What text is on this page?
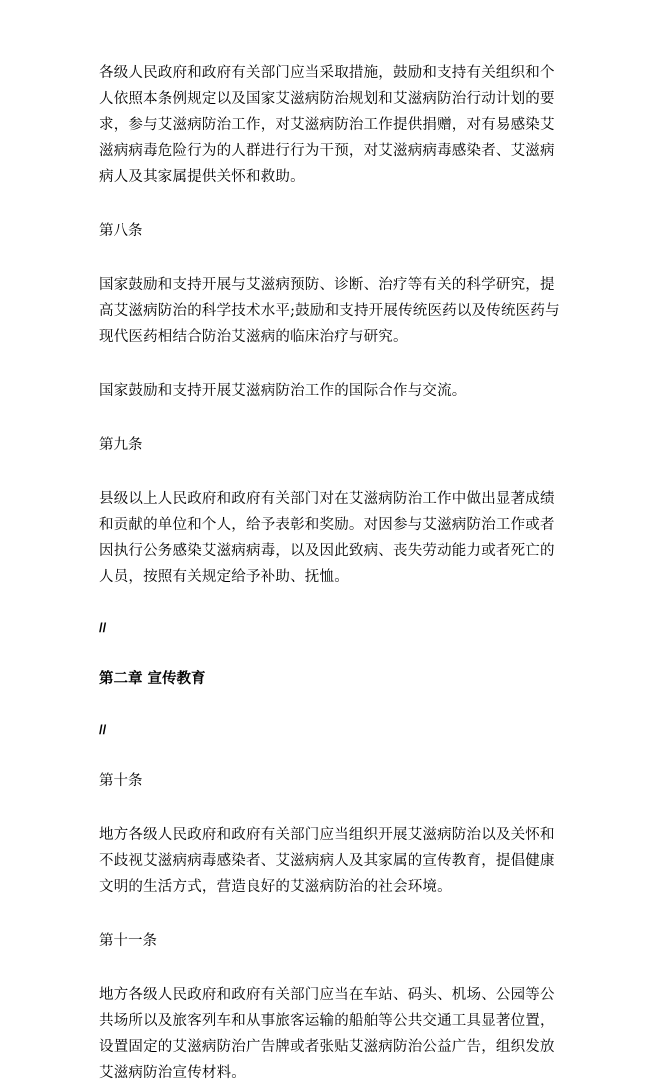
各级人民政府和政府有关部门应当采取措施，鼓励和支持有关组织和个人依照本条例规定以及国家艾滋病防治规划和艾滋病防治行动计划的要求，参与艾滋病防治工作，对艾滋病防治工作提供捐赠，对有易感染艾滋病病毒危险行为的人群进行行为干预，对艾滋病病毒感染者、艾滋病病人及其家属提供关怀和救助。

第八条

国家鼓励和支持开展与艾滋病预防、诊断、治疗等有关的科学研究，提高艾滋病防治的科学技术水平;鼓励和支持开展传统医药以及传统医药与现代医药相结合防治艾滋病的临床治疗与研究。

国家鼓励和支持开展艾滋病防治工作的国际合作与交流。

第九条

县级以上人民政府和政府有关部门对在艾滋病防治工作中做出显著成绩和贡献的单位和个人，给予表彰和奖励。对因参与艾滋病防治工作或者因执行公务感染艾滋病病毒，以及因此致病、丧失劳动能力或者死亡的人员，按照有关规定给予补助、抚恤。

//

第二章 宣传教育

//

第十条

地方各级人民政府和政府有关部门应当组织开展艾滋病防治以及关怀和不歧视艾滋病病毒感染者、艾滋病病人及其家属的宣传教育，提倡健康文明的生活方式，营造良好的艾滋病防治的社会环境。

第十一条

地方各级人民政府和政府有关部门应当在车站、码头、机场、公园等公共场所以及旅客列车和从事旅客运输的船舶等公共交通工具显著位置，设置固定的艾滋病防治广告牌或者张贴艾滋病防治公益广告，组织发放艾滋病防治宣传材料。
